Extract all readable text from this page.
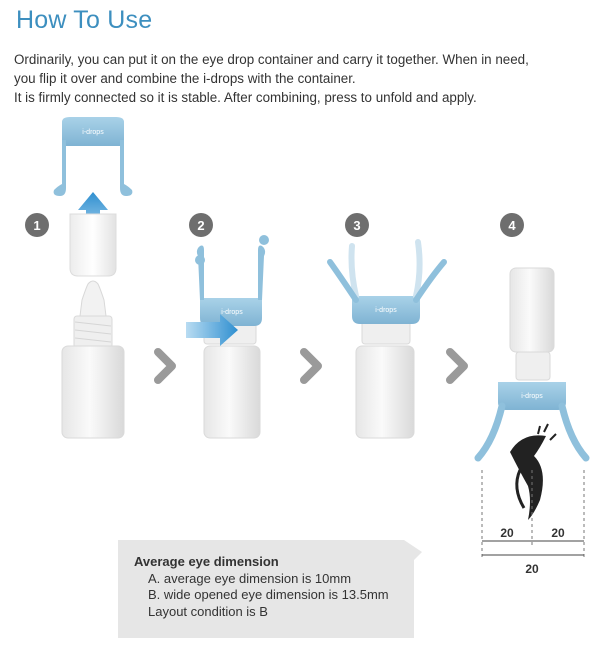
How To Use
Ordinarily, you can put it on the eye drop container and carry it together. When in need,
you flip it over and combine the i-drops with the container.
It is firmly connected so it is stable. After combining, press to unfold and apply.
i-drops
i-drops	i-drops
i-drops
20	20
20
1	2	3	4
Average eye dimension
A. average eye dimension is 10mm
B. wide opened eye dimension is 13.5mm
Layout condition is B
